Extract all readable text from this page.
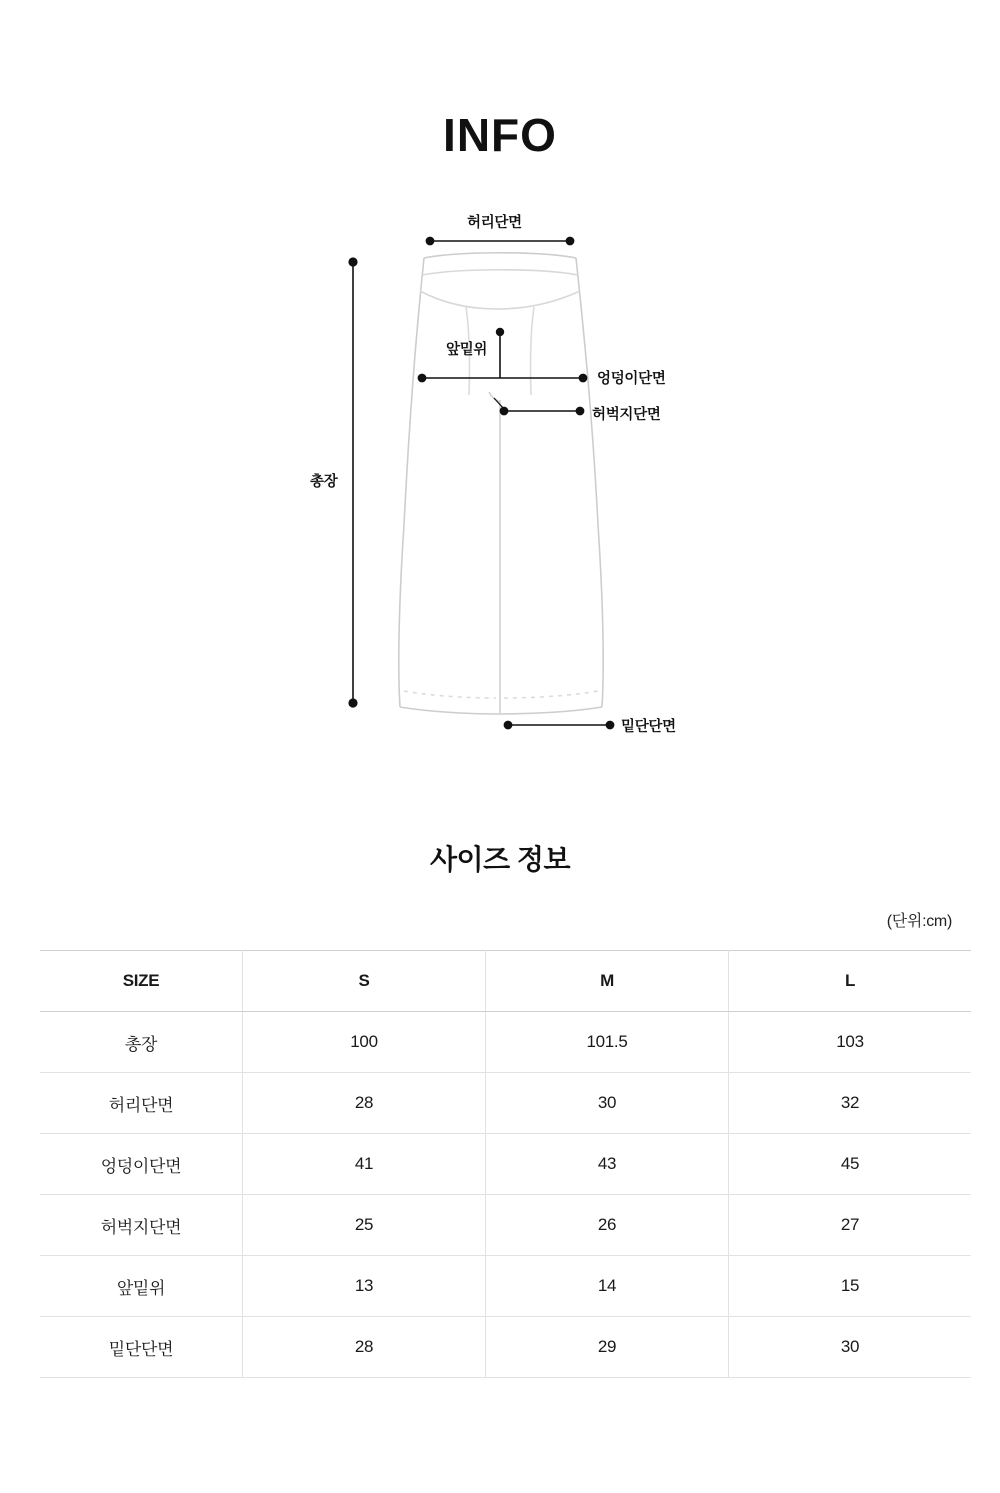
INFO
허리단면
총장
앞밑위
엉덩이단면
허벅지단면
밑단단면
사이즈 정보
(단위:cm)
SIZE	S	M	L
총장	100	101.5	103
허리단면	28	30	32
엉덩이단면	41	43	45
허벅지단면	25	26	27
앞밑위	13	14	15
밑단단면	28	29	30
